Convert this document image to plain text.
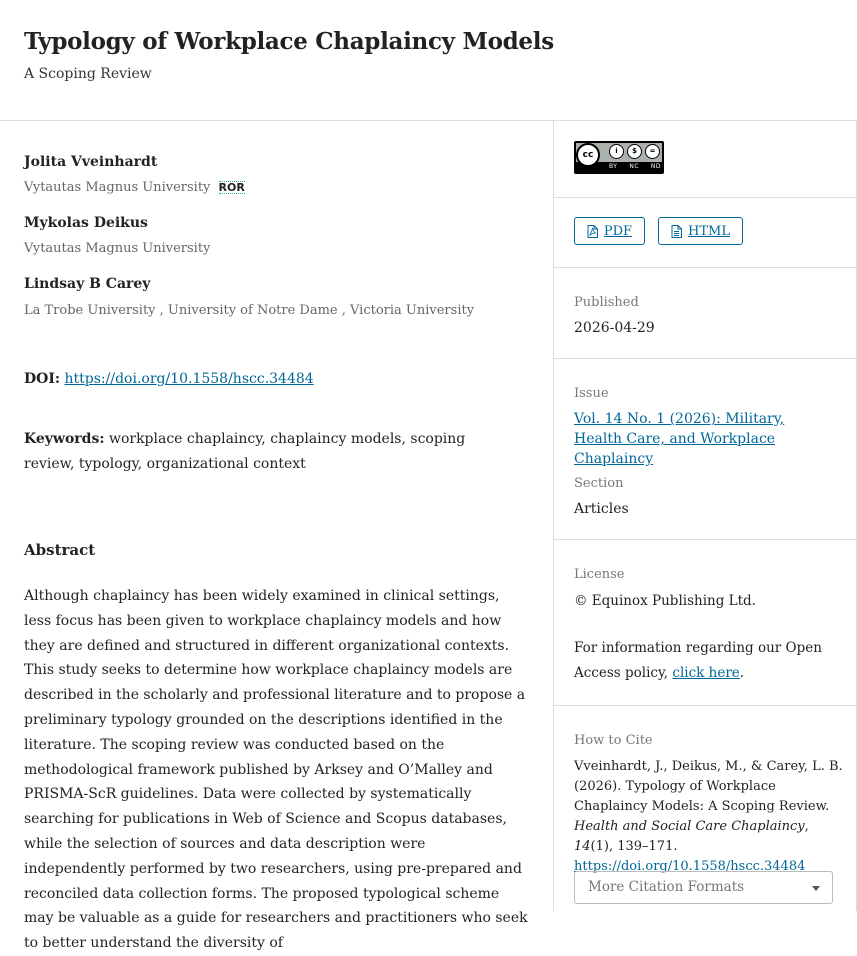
Typology of Workplace Chaplaincy Models
A Scoping Review
Jolita Vveinhardt
Vytautas Magnus University ROR
Mykolas Deikus
Vytautas Magnus University
Lindsay B Carey
La Trobe University , University of Notre Dame , Victoria University
DOI: https://doi.org/10.1558/hscc.34484
Keywords: workplace chaplaincy, chaplaincy models, scoping review, typology, organizational context
Abstract

Although chaplaincy has been widely examined in clinical settings, less focus has been given to workplace chaplaincy models and how they are defined and structured in different organizational contexts. This study seeks to determine how workplace chaplaincy models are described in the scholarly and professional literature and to propose a preliminary typology grounded on the descriptions identified in the literature. The scoping review was conducted based on the methodological framework published by Arksey and O’Malley and PRISMA-ScR guidelines. Data were collected by systematically searching for publications in Web of Science and Scopus databases, while the selection of sources and data description were independently performed by two researchers, using pre-prepared and reconciled data collection forms. The proposed typological scheme may be valuable as a guide for researchers and practitioners who seek to better understand the diversity of

cc	i	$	=
BY NC ND
PDF	HTML
Published
2026-04-29
Issue
Vol. 14 No. 1 (2026): Military, Health Care, and Workplace Chaplaincy
Section
Articles
License
© Equinox Publishing Ltd.
For information regarding our Open Access policy, click here.
How to Cite
Vveinhardt, J., Deikus, M., & Carey, L. B. (2026). Typology of Workplace Chaplaincy Models: A Scoping Review. Health and Social Care Chaplaincy, 14(1), 139–171. https://doi.org/10.1558/hscc.34484
More Citation Formats
